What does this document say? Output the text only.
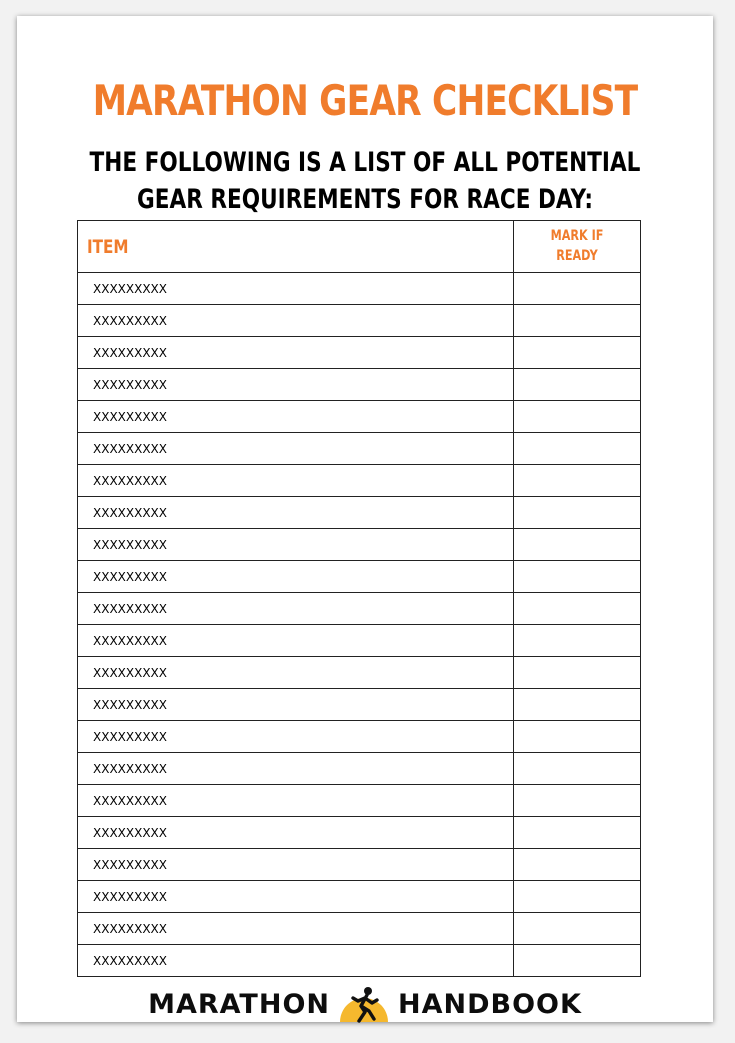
MARATHON GEAR CHECKLIST
THE FOLLOWING IS A LIST OF ALL POTENTIAL
GEAR REQUIREMENTS FOR RACE DAY:
ITEM	MARK IF
READY
XXXXXXXXX
XXXXXXXXX
XXXXXXXXX
XXXXXXXXX
XXXXXXXXX
XXXXXXXXX
XXXXXXXXX
XXXXXXXXX
XXXXXXXXX
XXXXXXXXX
XXXXXXXXX
XXXXXXXXX
XXXXXXXXX
XXXXXXXXX
XXXXXXXXX
XXXXXXXXX
XXXXXXXXX
XXXXXXXXX
XXXXXXXXX
XXXXXXXXX
XXXXXXXXX
XXXXXXXXX
MARATHON	HANDBOOK
